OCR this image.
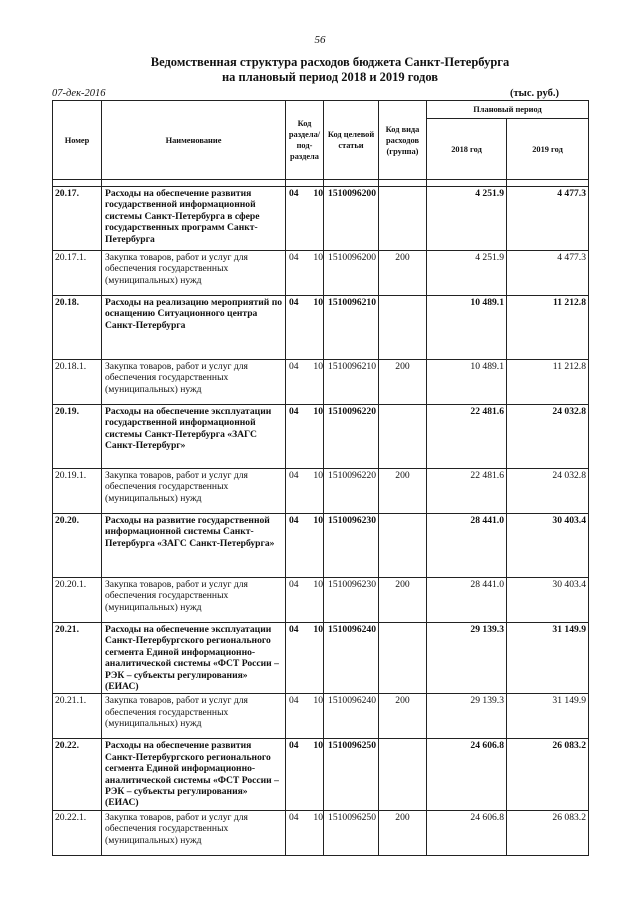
56
Ведомственная структура расходов бюджета Санкт-Петербурга
на плановый период 2018 и 2019 годов
07-дек-2016	(тыс. руб.)
Номер	Наименование	Код раздела/ под- раздела	Код целевой статьи	Код вида расходов (группа)	Плановый период	
					2018 год	2019 год

20.17.	Расходы на обеспечение развития государственной информационной системы Санкт-Петербурга в сфере государственных программ Санкт-Петербурга	04 10	1510096200		4 251.9	4 477.3
20.17.1.	Закупка товаров, работ и услуг для обеспечения государственных (муниципальных) нужд	04 10	1510096200	200	4 251.9	4 477.3
20.18.	Расходы на реализацию мероприятий по оснащению Ситуационного центра Санкт-Петербурга	04 10	1510096210		10 489.1	11 212.8
20.18.1.	Закупка товаров, работ и услуг для обеспечения государственных (муниципальных) нужд	04 10	1510096210	200	10 489.1	11 212.8
20.19.	Расходы на обеспечение эксплуатации государственной информационной системы Санкт-Петербурга «ЗАГС Санкт-Петербург»	04 10	1510096220		22 481.6	24 032.8
20.19.1.	Закупка товаров, работ и услуг для обеспечения государственных (муниципальных) нужд	04 10	1510096220	200	22 481.6	24 032.8
20.20.	Расходы на развитие государственной информационной системы Санкт-Петербурга «ЗАГС Санкт-Петербурга»	04 10	1510096230		28 441.0	30 403.4
20.20.1.	Закупка товаров, работ и услуг для обеспечения государственных (муниципальных) нужд	04 10	1510096230	200	28 441.0	30 403.4
20.21.	Расходы на обеспечение эксплуатации Санкт-Петербургского регионального сегмента Единой информационно-аналитической системы «ФСТ России – РЭК – субъекты регулирования» (ЕИАС)	04 10	1510096240		29 139.3	31 149.9
20.21.1.	Закупка товаров, работ и услуг для обеспечения государственных (муниципальных) нужд	04 10	1510096240	200	29 139.3	31 149.9
20.22.	Расходы на обеспечение развития Санкт-Петербургского регионального сегмента Единой информационно-аналитической системы «ФСТ России – РЭК – субъекты регулирования» (ЕИАС)	04 10	1510096250		24 606.8	26 083.2
20.22.1.	Закупка товаров, работ и услуг для обеспечения государственных (муниципальных) нужд	04 10	1510096250	200	24 606.8	26 083.2
